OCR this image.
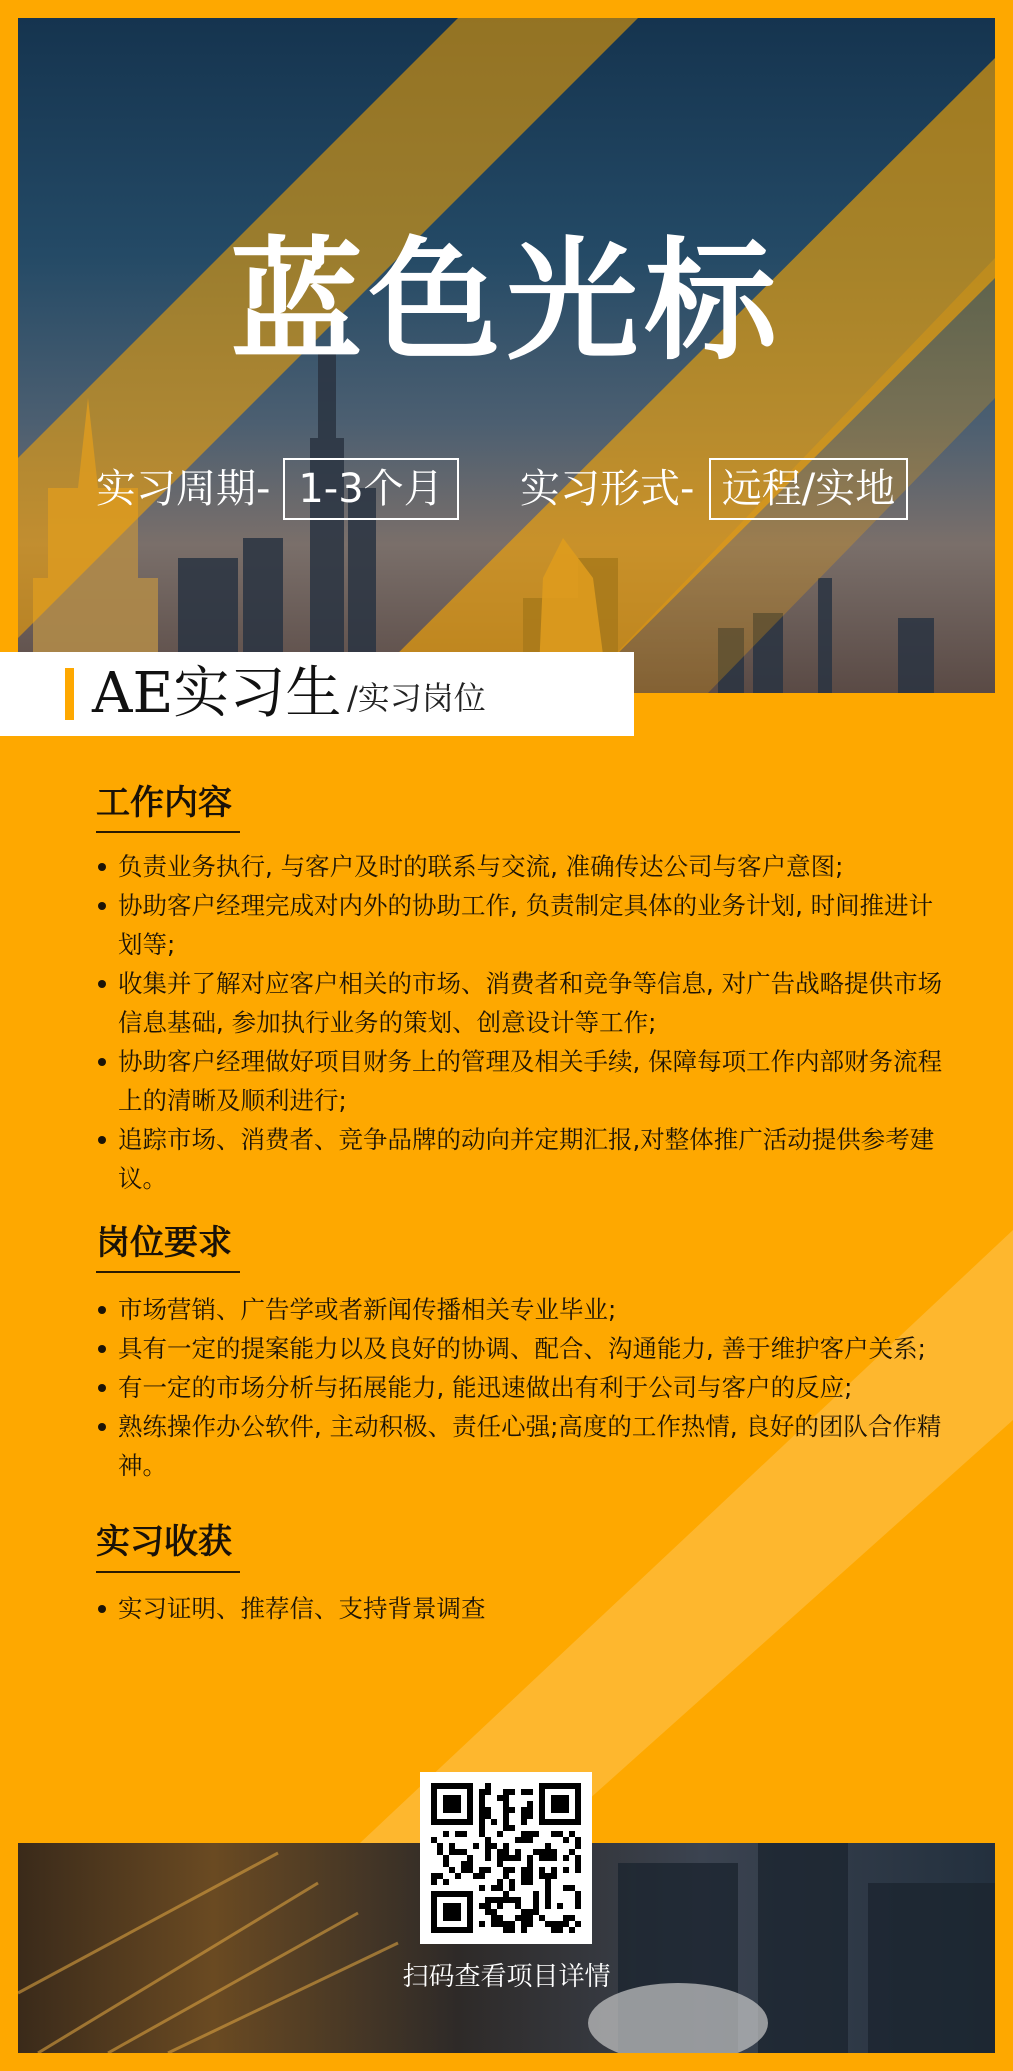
蓝色光标
实习周期- 1-3个月	实习形式- 远程/实地
AE实习生 /实习岗位
工作内容
负责业务执行, 与客户及时的联系与交流, 准确传达公司与客户意图;
协助客户经理完成对内外的协助工作, 负责制定具体的业务计划, 时间推进计划等;
收集并了解对应客户相关的市场、消费者和竞争等信息, 对广告战略提供市场信息基础, 参加执行业务的策划、创意设计等工作;
协助客户经理做好项目财务上的管理及相关手续, 保障每项工作内部财务流程上的清晰及顺利进行;
追踪市场、消费者、竞争品牌的动向并定期汇报,对整体推广活动提供参考建议。
岗位要求
市场营销、广告学或者新闻传播相关专业毕业;
具有一定的提案能力以及良好的协调、配合、沟通能力, 善于维护客户关系;
有一定的市场分析与拓展能力, 能迅速做出有利于公司与客户的反应;
熟练操作办公软件, 主动积极、责任心强;高度的工作热情, 良好的团队合作精神。
实习收获
实习证明、推荐信、支持背景调查
扫码查看项目详情
